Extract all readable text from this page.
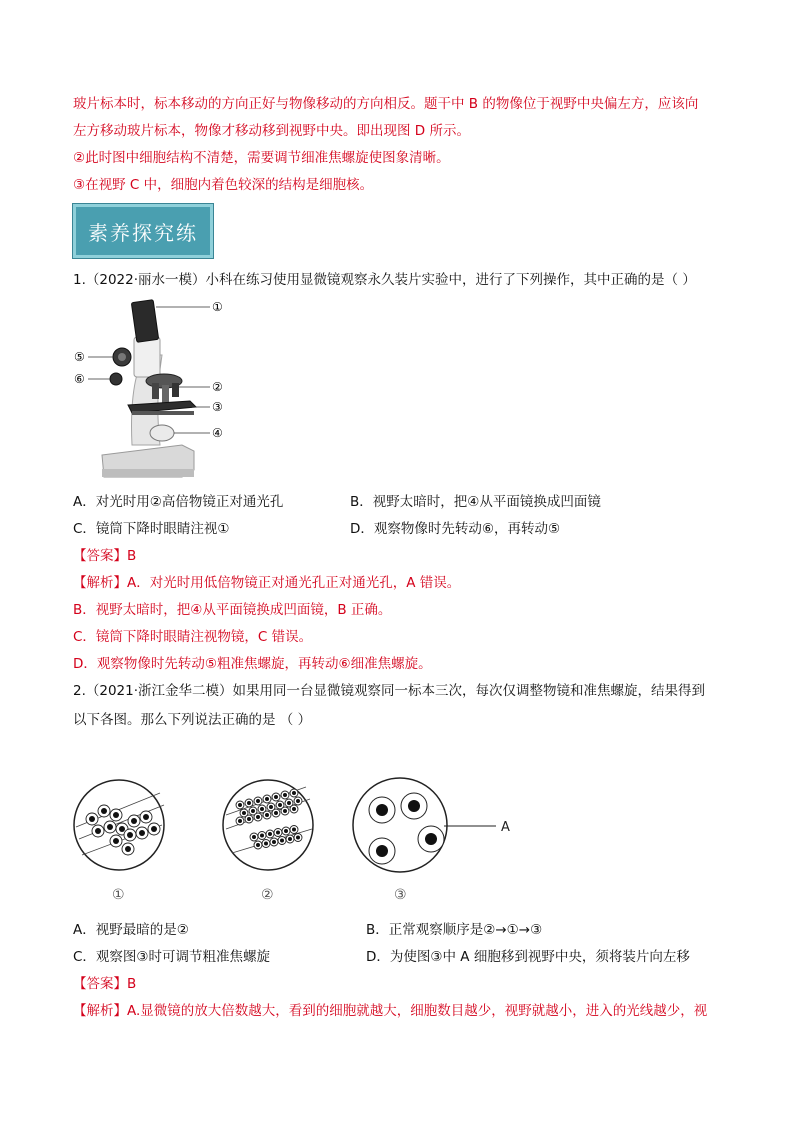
玻片标本时，标本移动的方向正好与物像移动的方向相反。题干中 B 的物像位于视野中央偏左方，应该向
左方移动玻片标本，物像才移动移到视野中央。即出现图 D 所示。
②此时图中细胞结构不清楚，需要调节细准焦螺旋使图象清晰。
③在视野 C 中，细胞内着色较深的结构是细胞核。
素养探究练
1.（2022·丽水一模）小科在练习使用显微镜观察永久装片实验中，进行了下列操作，其中正确的是（ ）
①
②
③
④
⑤
⑥
A．对光时用②高倍物镜正对通光孔	B．视野太暗时，把④从平面镜换成凹面镜
C．镜筒下降时眼睛注视①	D．观察物像时先转动⑥，再转动⑤
【答案】B
【解析】A．对光时用低倍物镜正对通光孔正对通光孔，A 错误。
B．视野太暗时，把④从平面镜换成凹面镜，B 正确。
C．镜筒下降时眼睛注视物镜，C 错误。
D．观察物像时先转动⑤粗准焦螺旋，再转动⑥细准焦螺旋。
2.（2021·浙江金华二模）如果用同一台显微镜观察同一标本三次，每次仅调整物镜和准焦螺旋，结果得到
以下各图。那么下列说法正确的是 （ ）
①	②
A
③
A．视野最暗的是②	B．正常观察顺序是②→①→③
C．观察图③时可调节粗准焦螺旋	D．为使图③中 A 细胞移到视野中央，须将装片向左移
【答案】B
【解析】A.显微镜的放大倍数越大，看到的细胞就越大，细胞数目越少，视野就越小，进入的光线越少，视
